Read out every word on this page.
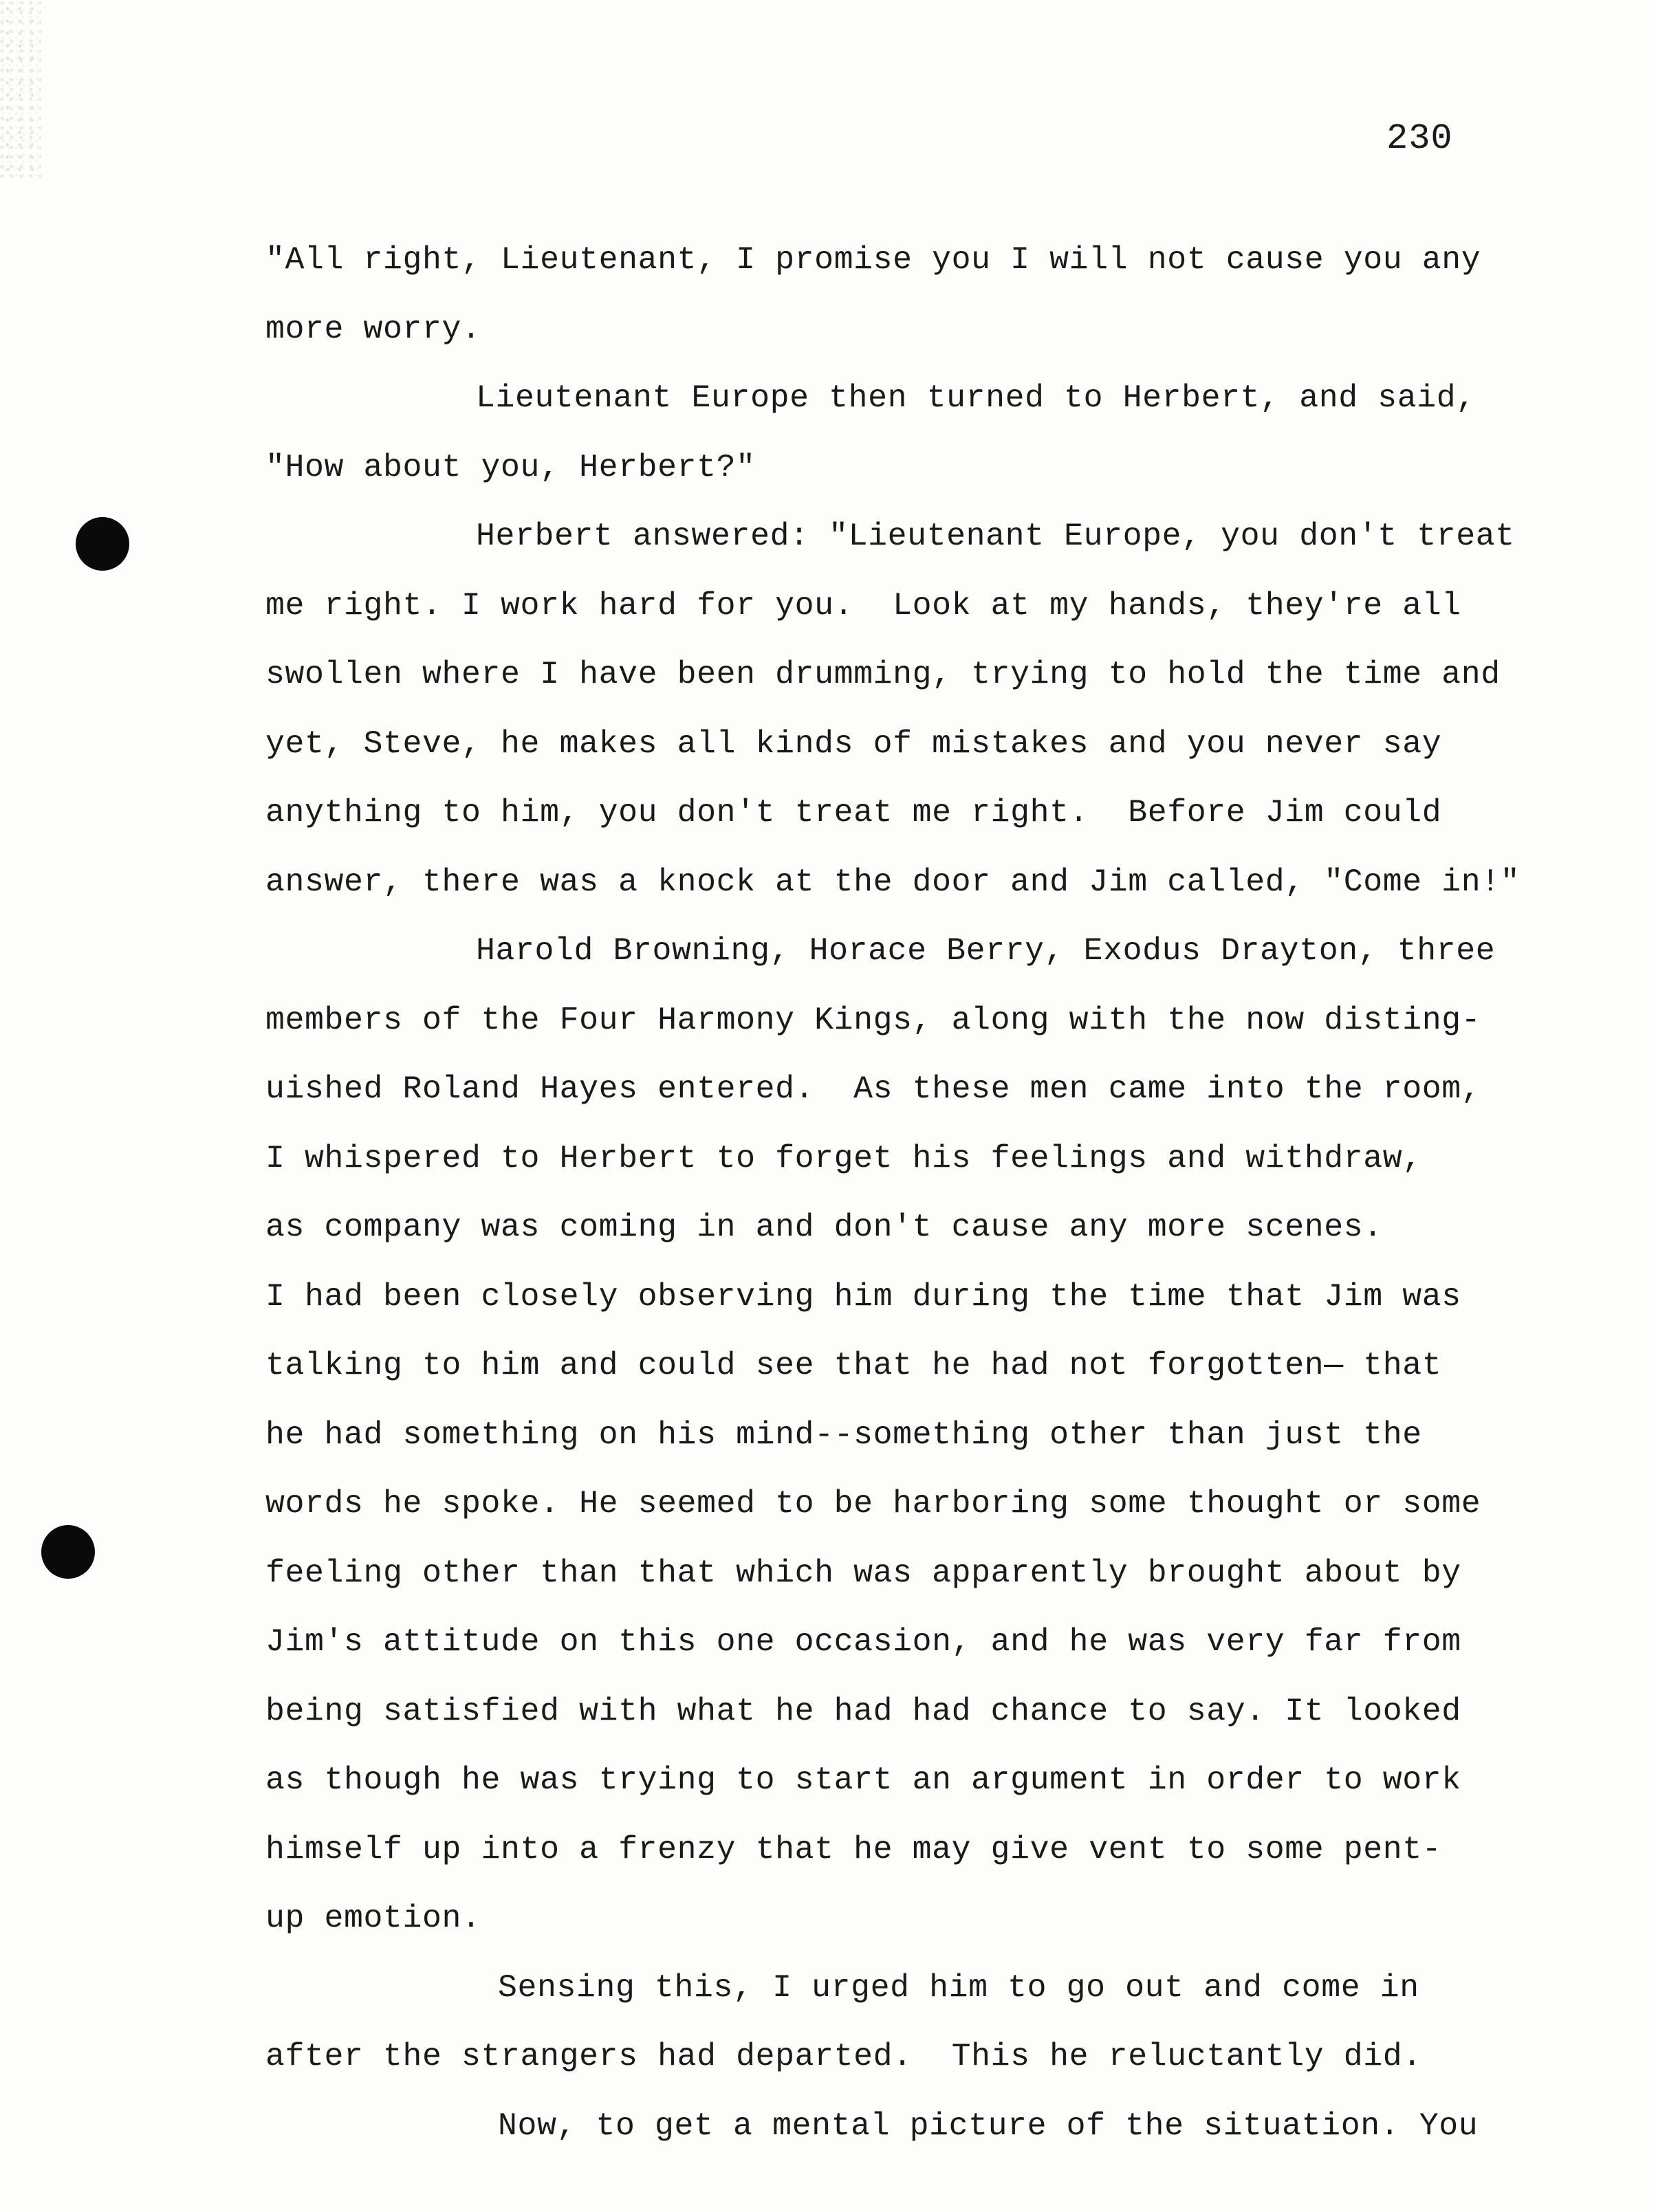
230
"All right, Lieutenant, I promise you I will not cause you any
more worry.
Lieutenant Europe then turned to Herbert, and said,
"How about you, Herbert?"
Herbert answered: "Lieutenant Europe, you don't treat
me right. I work hard for you.  Look at my hands, they're all
swollen where I have been drumming, trying to hold the time and
yet, Steve, he makes all kinds of mistakes and you never say
anything to him, you don't treat me right.  Before Jim could
answer, there was a knock at the door and Jim called, "Come in!"
Harold Browning, Horace Berry, Exodus Drayton, three
members of the Four Harmony Kings, along with the now disting-
uished Roland Hayes entered.  As these men came into the room,
I whispered to Herbert to forget his feelings and withdraw,
as company was coming in and don't cause any more scenes.
I had been closely observing him during the time that Jim was
talking to him and could see that he had not forgotten— that
he had something on his mind--something other than just the
words he spoke. He seemed to be harboring some thought or some
feeling other than that which was apparently brought about by
Jim's attitude on this one occasion, and he was very far from
being satisfied with what he had had chance to say. It looked
as though he was trying to start an argument in order to work
himself up into a frenzy that he may give vent to some pent-
up emotion.
Sensing this, I urged him to go out and come in
after the strangers had departed.  This he reluctantly did.
Now, to get a mental picture of the situation. You
